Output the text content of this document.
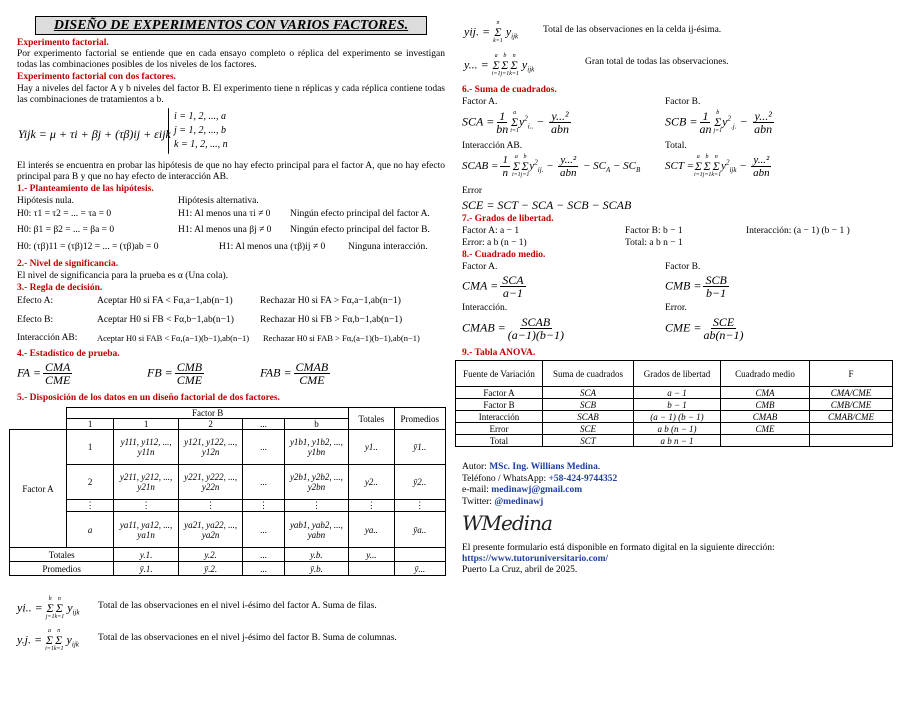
DISEÑO DE EXPERIMENTOS CON VARIOS FACTORES.
Experimento factorial.
Por experimento factorial se entiende que en cada ensayo completo o réplica del experimento se investigan todas las combinaciones posibles de los niveles de los factores.
Experimento factorial con dos factores.
Hay a niveles del factor A y b niveles del factor B. El experimento tiene n réplicas y cada réplica contiene todas las combinaciones de tratamientos a b.
Yijk = μ + τi + βj + (τβ)ij + εijk
i = 1, 2, ..., a
j = 1, 2, ..., b
k = 1, 2, ..., n
El interés se encuentra en probar las hipótesis de que no hay efecto principal para el factor A, que no hay efecto principal para B y que no hay efecto de interacción AB.
1.- Planteamiento de las hipótesis.
Hipótesis nula.	Hipótesis alternativa.
H0: τ1 = τ2 = ... = τa = 0	H1: Al menos una τi ≠ 0 Ningún efecto principal del factor A.
H0: β1 = β2 = ... = βa = 0	H1: Al menos una βj ≠ 0 Ningún efecto principal del factor B.
H0: (τβ)11 = (τβ)12 = ... = (τβ)ab = 0	H1: Al menos una (τβ)ij ≠ 0 Ninguna interacción.
2.- Nivel de significancia.
El nivel de significancia para la prueba es α (Una cola).
3.- Regla de decisión.
Efecto A:	Aceptar H0 si FA < Fα,a−1,ab(n−1)	Rechazar H0 si FA > Fα,a−1,ab(n−1)
Efecto B:	Aceptar H0 si FB < Fα,b−1,ab(n−1)	Rechazar H0 si FB > Fα,b−1,ab(n−1)
Interacción AB: Aceptar H0 si FAB < Fα,(a−1)(b−1),ab(n−1) Rechazar H0 si FAB > Fα,(a−1)(b−1),ab(n−1)
4.- Estadístico de prueba.
FA = $\frac{\text{CMA}}{\text{CME}}$	FB = $\frac{\text{CMB}}{\text{CME}}$	FAB = $\frac{\text{CMAB}}{\text{CME}}$
5.- Disposición de los datos en un diseño factorial de dos factores.
	Factor B					Totales	Promedios
	1	1	2	...	b		
Factor A	1	y111, y112, ..., y11n	y121, y122, ..., y12n	...	y1b1, y1b2, ..., y1bn	y1..	ȳ1..
	2	y211, y212, ..., y21n	y221, y222, ..., y22n	...	y2b1, y2b2, ..., y2bn	y2..	ȳ2..
	⋮	⋮	⋮	⋮	⋮	⋮	⋮
	a	ya11, ya12, ..., ya1n	ya21, ya22, ..., ya2n	...	yab1, yab2, ..., yabn	ya..	ȳa..
Totales		y.1.	y.2.	...	y.b.	y...	
Promedios		ȳ.1.	ȳ.2.	...	ȳ.b.		ȳ...
yi.. =
b
Σ
j=1
n
Σ
k=1
$y_{ijk}$
Total de las observaciones en el nivel i-ésimo del factor A. Suma de filas.
y.j. =
a
Σ
i=1
n
Σ
k=1
$y_{ijk}$
Total de las observaciones en el nivel j-ésimo del factor B. Suma de columnas.
yij. =
n
Σ
k=1
$y_{ijk}$
Total de las observaciones en la celda ij-ésima.
y... =
a
Σ
i=1
b
Σ
j=1
n
Σ
k=1
$y_{ijk}$
Gran total de todas las observaciones.
6.- Suma de cuadrados.
Factor A.	Factor B.
SCA = $\frac{1}{bn}$ a
Σ
i=1
$y^2_{i..} - \frac{\text{y...²}}{\text{abn}}$	SCB = $\frac{1}{an}$ b
Σ
j=1
$y^2_{.j.} - \frac{\text{y...²}}{\text{abn}}$
Interacción AB.	Total.
SCAB = $\frac{1}{n}$ a
Σ
i=1
b
Σ
j=1
$y^2_{ij.} - \frac{\text{y...²}}{\text{abn}} - SC_A - SC_B$ SCT =
a
Σ
i=1
b
Σ
j=1
n
Σ
k=1
$y^2_{ijk} - \frac{\text{y...²}}{\text{abn}}$
Error
SCE = SCT − SCA − SCB − SCAB
7.- Grados de libertad.
Factor A: a − 1	Factor B: b − 1	Interacción: (a − 1) (b − 1 )
Error: a b (n − 1)	Total: a b n − 1
8.- Cuadrado medio.
Factor A.	Factor B.
CMA = $\frac{\text{SCA}}{a-1}$	CMB = $\frac{\text{SCB}}{b-1}$
Interacción.	Error.
CMAB = $\frac{\text{SCAB}}{(a-1)(b-1)}$	CME = $\frac{\text{SCE}}{ab(n-1)}$
9.- Tabla ANOVA.
Fuente de Variación	Suma de cuadrados	Grados de libertad	Cuadrado medio	F
Factor A	SCA	a − 1	CMA	CMA/CME
Factor B	SCB	b − 1	CMB	CMB/CME
Interacción	SCAB	(a − 1) (b − 1)	CMAB	CMAB/CME
Error	SCE	a b (n − 1)	CME	
Total	SCT	a b n − 1		
Autor: MSc. Ing. Willians Medina.
Teléfono / WhatsApp: +58-424-9744352
e-mail: medinawj@gmail.com
Twitter: @medinawj
WMedina
El presente formulario está disponible en formato digital en la siguiente dirección:
https://www.tutoruniversitario.com/
Puerto La Cruz, abril de 2025.
